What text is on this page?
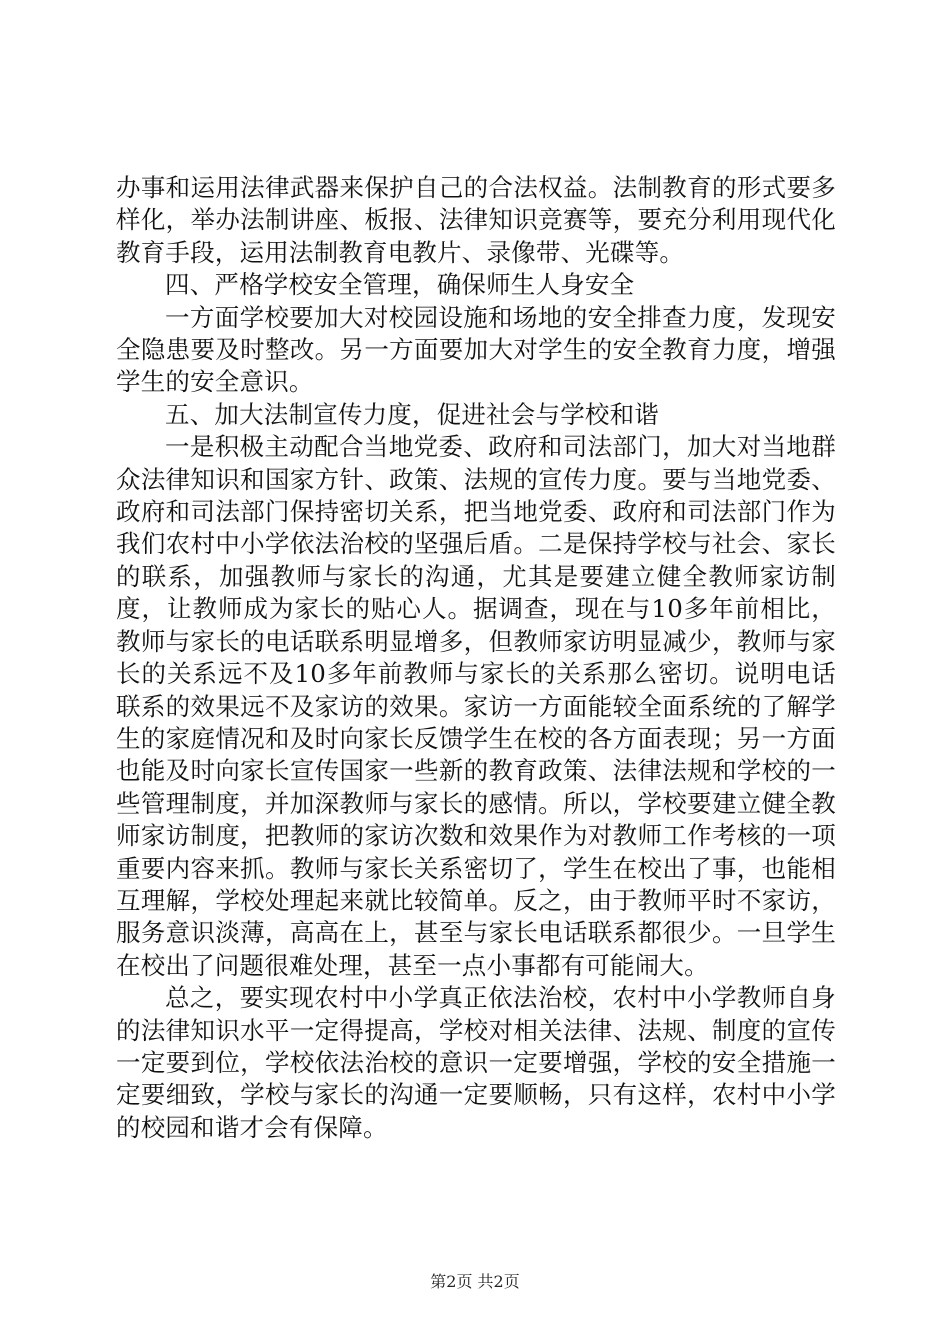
办事和运用法律武器来保护自己的合法权益。法制教育的形式要多样化，举办法制讲座、板报、法律知识竞赛等，要充分利用现代化教育手段，运用法制教育电教片、录像带、光碟等。

四、严格学校安全管理，确保师生人身安全

一方面学校要加大对校园设施和场地的安全排查力度，发现安全隐患要及时整改。另一方面要加大对学生的安全教育力度，增强学生的安全意识。

五、加大法制宣传力度，促进社会与学校和谐

一是积极主动配合当地党委、政府和司法部门，加大对当地群众法律知识和国家方针、政策、法规的宣传力度。要与当地党委、政府和司法部门保持密切关系，把当地党委、政府和司法部门作为我们农村中小学依法治校的坚强后盾。二是保持学校与社会、家长的联系，加强教师与家长的沟通，尤其是要建立健全教师家访制度，让教师成为家长的贴心人。据调查，现在与10多年前相比，教师与家长的电话联系明显增多，但教师家访明显减少，教师与家长的关系远不及10多年前教师与家长的关系那么密切。说明电话联系的效果远不及家访的效果。家访一方面能较全面系统的了解学生的家庭情况和及时向家长反馈学生在校的各方面表现；另一方面也能及时向家长宣传国家一些新的教育政策、法律法规和学校的一些管理制度，并加深教师与家长的感情。所以，学校要建立健全教师家访制度，把教师的家访次数和效果作为对教师工作考核的一项重要内容来抓。教师与家长关系密切了，学生在校出了事，也能相互理解，学校处理起来就比较简单。反之，由于教师平时不家访，服务意识淡薄，高高在上，甚至与家长电话联系都很少。一旦学生在校出了问题很难处理，甚至一点小事都有可能闹大。

总之，要实现农村中小学真正依法治校，农村中小学教师自身的法律知识水平一定得提高，学校对相关法律、法规、制度的宣传一定要到位，学校依法治校的意识一定要增强，学校的安全措施一定要细致，学校与家长的沟通一定要顺畅，只有这样，农村中小学的校园和谐才会有保障。

第2页 共2页
